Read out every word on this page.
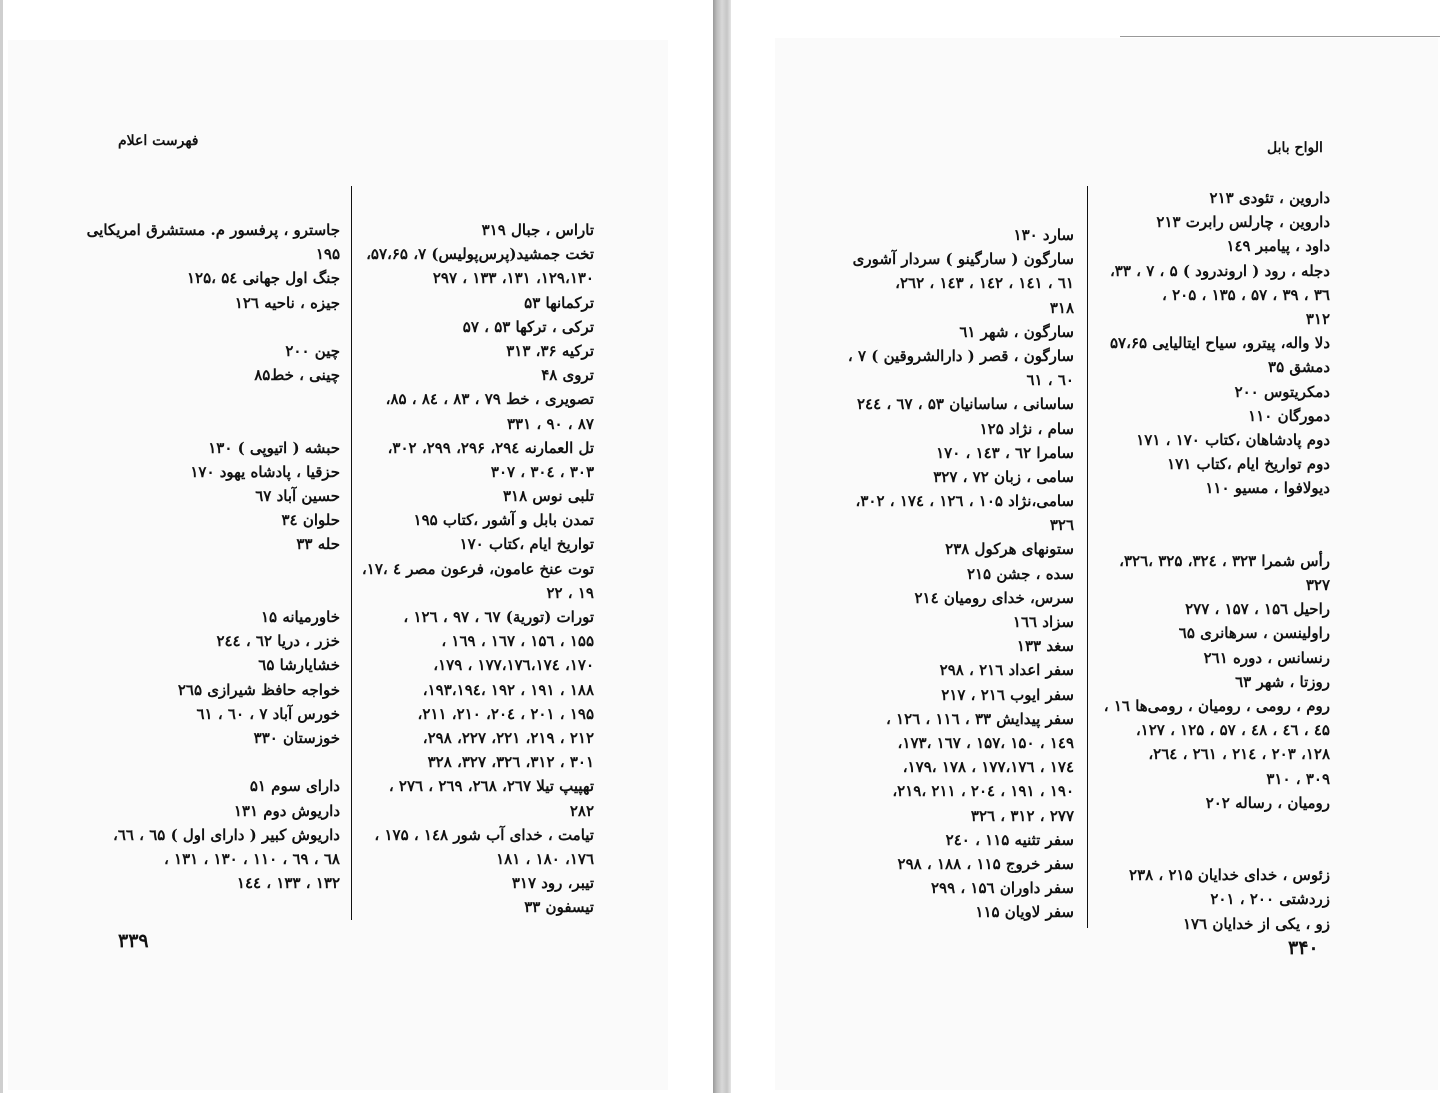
فهرست اعلام
تاراس ، جبال ۳۱۹
تخت جمشید(پرس‌پولیس) ۷، ۵۷،۶۵،
۱۲۹،۱۳۰، ۱۳۱، ۱۳۳ ، ۲۹۷
ترکمانها ۵۳
ترکی ، ترکها ۵۳ ، ۵۷
ترکیه ۳۶، ۳۱۳
تروی ۴۸
تصویری ، خط ۷۹ ، ۸۳ ، ۸٤ ، ۸۵،
۸۷ ، ۹۰ ، ۳۳۱
تل العمارنه ۲۹٤، ۲۹۶، ۲۹۹، ۳۰۲،
۳۰۳ ، ۳۰٤ ، ۳۰۷
تلبی نوس ۳۱۸
تمدن بابل و آشور ،کتاب ۱۹۵
تواریخ ایام ،کتاب ۱۷۰
توت عنخ عامون، فرعون مصر ٤ ،۱۷،
۱۹ ، ۲۲
تورات (تورية) ٦۷ ، ۹۷ ، ۱۲٦ ،
۱۵۵ ، ۱۵٦ ، ۱٦۷ ، ۱٦۹ ،
۱۷۰، ۱۷٤،۱۷٦،۱۷۷ ، ۱۷۹،
۱۸۸ ، ۱۹۱ ، ۱۹۲ ،۱۹۳،۱۹٤،
۱۹۵ ، ۲۰۱ ، ۲۰٤، ۲۱۰، ۲۱۱،
۲۱۲ ، ۲۱۹، ۲۲۱، ۲۲۷، ۲۹۸،
۳۰۱ ، ۳۱۲، ۳۲٦، ۳۲۷، ۳۲۸
تهپیپ تیلا ۲٦۷، ۲٦۸، ۲٦۹ ، ۲۷٦ ،
۲۸۲
تیامت ، خدای آب شور ۱٤۸ ، ۱۷۵ ،
۱۷٦، ۱۸۰ ، ۱۸۱
تیبر، رود ۳۱۷
تیسفون ۳۳
جاسترو ، پرفسور م. مستشرق امریکایی
۱۹۵
جنگ اول جهانی ۵٤ ،۱۲۵
جیزه ، ناحیه ۱۲٦
چین ۲۰۰
چینی ، خط۸۵
حبشه ( اتیوپی ) ۱۳۰
حزقیا ، پادشاه یهود ۱۷۰
حسین آباد ٦۷
حلوان ۳٤
حله ۳۳
خاورمیانه ۱۵
خزر ، دریا ٦۲ ، ۲٤٤
خشایارشا ٦۵
خواجه حافظ شیرازی ۲٦۵
خورس آباد ۷ ، ٦۰ ، ٦۱
خوزستان ۳۳۰
دارای سوم ۵۱
داریوش دوم ۱۳۱
داریوش کبیر ( دارای اول ) ٦۵ ، ٦٦،
٦۸ ، ٦۹ ، ۱۱۰ ، ۱۳۰ ، ۱۳۱ ،
۱۳۲ ، ۱۳۳ ، ۱٤٤
۳۳۹
الواح بابل
داروین ، تئودی ۲۱۳
داروین ، چارلس رابرت ۲۱۳
داود ، پیامبر ۱٤۹
دجله ، رود ( اروندرود ) ۵ ، ۷ ، ۳۳،
۳٦ ، ۳۹ ، ۵۷ ، ۱۳۵ ، ۲۰۵ ،
۳۱۲
دلا واله، پیترو، سیاح ایتالیایی ۵۷،۶۵
دمشق ۳۵
دمکریتوس ۲۰۰
دمورگان ۱۱۰
دوم پادشاهان ،کتاب ۱۷۰ ، ۱۷۱
دوم تواریخ ایام ،کتاب ۱۷۱
دیولافوا ، مسیو ۱۱۰
رأس شمرا ۳۲۳ ، ۳۲٤، ۳۲۵ ،۳۲٦،
۳۲۷
راحیل ۱۵٦ ، ۱۵۷ ، ۲۷۷
راولینسن ، سرهانری ٦۵
رنسانس ، دوره ۲٦۱
روزتا ، شهر ٦۳
روم ، رومی ، رومیان ، رومی‌ها ۱٦ ،
٤۵ ، ٤٦ ، ٤۸ ، ۵۷ ، ۱۲۵ ، ۱۲۷،
۱۲۸، ۲۰۳ ، ۲۱٤ ، ۲٦۱ ، ۲٦٤،
۳۰۹ ، ۳۱۰
رومیان ، رساله ۲۰۲
زئوس ، خدای خدایان ۲۱۵ ، ۲۳۸
زردشتی ۲۰۰ ، ۲۰۱
زو ، یکی از خدایان ۱۷٦
سارد ۱۳۰
سارگون ( سارگینو ) سردار آشوری
٦۱ ، ۱٤۱ ، ۱٤۲ ، ۱٤۳ ، ۲٦۲،
۳۱۸
سارگون ، شهر ٦۱
سارگون ، قصر ( دارالشروقین ) ۷ ،
٦۰ ، ٦۱
ساسانی ، ساسانیان ۵۳ ، ٦۷ ، ۲٤٤
سام ، نژاد ۱۲۵
سامرا ٦۲ ، ۱٤۳ ، ۱۷۰
سامی ، زبان ۷۲ ، ۳۲۷
سامی،نژاد ۱۰۵ ، ۱۲٦ ، ۱۷٤ ، ۳۰۲،
۳۲٦
ستونهای هرکول ۲۳۸
سده ، جشن ۲۱۵
سرس، خدای رومیان ۲۱٤
سزاد ۱٦٦
سغد ۱۳۳
سفر اعداد ۲۱٦ ، ۲۹۸
سفر ایوب ۲۱٦ ، ۲۱۷
سفر پیدایش ۳۳ ، ۱۱٦ ، ۱۲٦ ،
۱٤۹ ، ۱۵۰ ،۱۵۷ ، ۱٦۷ ،۱۷۳،
۱۷٤ ، ۱۷٦،۱۷۷ ، ۱۷۸ ،۱۷۹،
۱۹۰ ، ۱۹۱ ، ۲۰٤ ، ۲۱۱ ،۲۱۹،
۲۷۷ ، ۳۱۲ ، ۳۲٦
سفر تثنیه ۱۱۵ ، ۲٤۰
سفر خروج ۱۱۵ ، ۱۸۸ ، ۲۹۸
سفر داوران ۱۵٦ ، ۲۹۹
سفر لاویان ۱۱۵
۳۴۰
